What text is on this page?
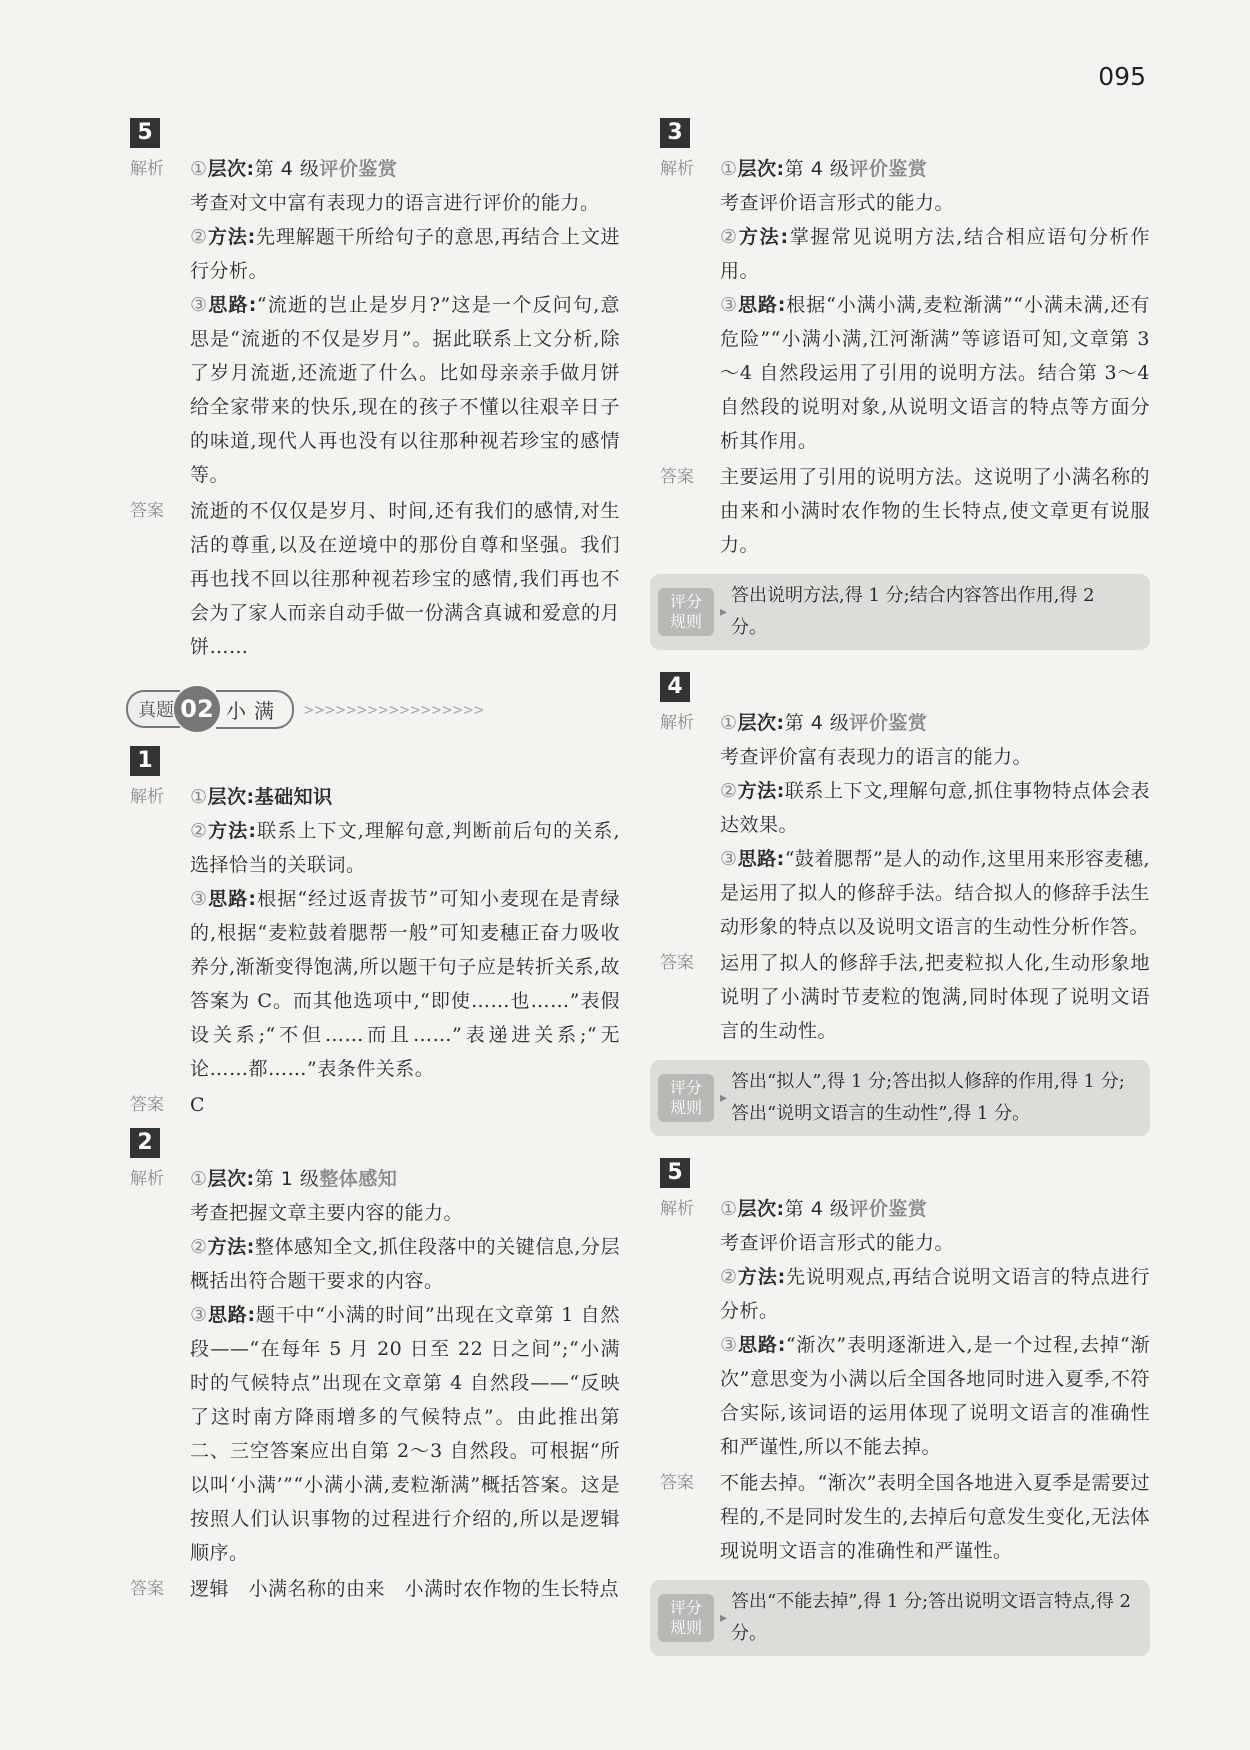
095
5
解析	①层次:第 4 级评价鉴赏

考查对文中富有表现力的语言进行评价的能力。

②方法:先理解题干所给句子的意思,再结合上文进行分析。

③思路:“流逝的岂止是岁月?”这是一个反问句,意思是“流逝的不仅是岁月”。据此联系上文分析,除了岁月流逝,还流逝了什么。比如母亲亲手做月饼给全家带来的快乐,现在的孩子不懂以往艰辛日子的味道,现代人再也没有以往那种视若珍宝的感情等。

答案	流逝的不仅仅是岁月、时间,还有我们的感情,对生活的尊重,以及在逆境中的那份自尊和坚强。我们再也找不回以往那种视若珍宝的感情,我们再也不会为了家人而亲自动手做一份满含真诚和爱意的月饼……

真题 02 小满	>>>>>>>>>>>>>>>>>
1
解析	①层次:基础知识

②方法:联系上下文,理解句意,判断前后句的关系,选择恰当的关联词。

③思路:根据“经过返青拔节”可知小麦现在是青绿的,根据“麦粒鼓着腮帮一般”可知麦穗正奋力吸收养分,渐渐变得饱满,所以题干句子应是转折关系,故答案为 C。而其他选项中,“即使……也……”表假设关系;“不但……而且……”表递进关系;“无论……都……”表条件关系。

答案	C

2
解析	①层次:第 1 级整体感知

考查把握文章主要内容的能力。

②方法:整体感知全文,抓住段落中的关键信息,分层概括出符合题干要求的内容。

③思路:题干中“小满的时间”出现在文章第 1 自然段——“在每年 5 月 20 日至 22 日之间”;“小满时的气候特点”出现在文章第 4 自然段——“反映了这时南方降雨增多的气候特点”。由此推出第二、三空答案应出自第 2～3 自然段。可根据“所以叫‘小满’”“小满小满,麦粒渐满”概括答案。这是按照人们认识事物的过程进行介绍的,所以是逻辑顺序。

答案	逻辑　小满名称的由来　小满时农作物的生长特点

3
解析	①层次:第 4 级评价鉴赏

考查评价语言形式的能力。

②方法:掌握常见说明方法,结合相应语句分析作用。

③思路:根据“小满小满,麦粒渐满”“小满未满,还有危险”“小满小满,江河渐满”等谚语可知,文章第 3～4 自然段运用了引用的说明方法。结合第 3～4 自然段的说明对象,从说明文语言的特点等方面分析其作用。

答案	主要运用了引用的说明方法。这说明了小满名称的由来和小满时农作物的生长特点,使文章更有说服力。

评分
规则	▸
答出说明方法,得 1 分;结合内容答出作用,得 2 分。
4
解析	①层次:第 4 级评价鉴赏

考查评价富有表现力的语言的能力。

②方法:联系上下文,理解句意,抓住事物特点体会表达效果。

③思路:“鼓着腮帮”是人的动作,这里用来形容麦穗,是运用了拟人的修辞手法。结合拟人的修辞手法生动形象的特点以及说明文语言的生动性分析作答。

答案	运用了拟人的修辞手法,把麦粒拟人化,生动形象地说明了小满时节麦粒的饱满,同时体现了说明文语言的生动性。

评分
规则	▸
答出“拟人”,得 1 分;答出拟人修辞的作用,得 1 分;答出“说明文语言的生动性”,得 1 分。
5
解析	①层次:第 4 级评价鉴赏

考查评价语言形式的能力。

②方法:先说明观点,再结合说明文语言的特点进行分析。

③思路:“渐次”表明逐渐进入,是一个过程,去掉“渐次”意思变为小满以后全国各地同时进入夏季,不符合实际,该词语的运用体现了说明文语言的准确性和严谨性,所以不能去掉。

答案	不能去掉。“渐次”表明全国各地进入夏季是需要过程的,不是同时发生的,去掉后句意发生变化,无法体现说明文语言的准确性和严谨性。

评分
规则	▸
答出“不能去掉”,得 1 分;答出说明文语言特点,得 2 分。
